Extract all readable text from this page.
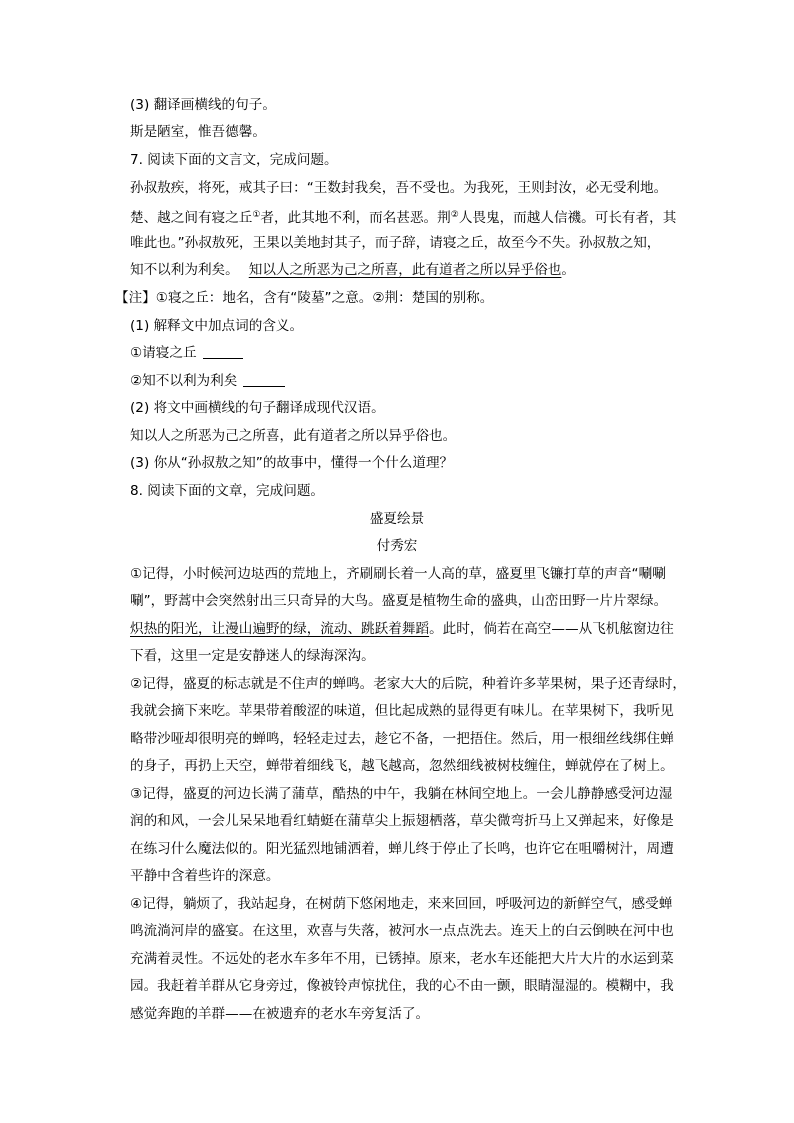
(3) 翻译画横线的句子。
斯是陋室，惟吾德馨。
7. 阅读下面的文言文，完成问题。
孙叔敖疾，将死，戒其子曰：“王数封我矣，吾不受也。为我死，王则封汝，必无受利地。
楚、越之间有寝之丘①者，此其地不利，而名甚恶。荆②人畏鬼，而越人信禨。可长有者，其
唯此也。”孙叔敖死，王果以美地封其子，而子辞，请寝之丘，故至今不失。孙叔敖之知，
知不以利为利矣。 知以人之所恶为己之所喜，此有道者之所以异乎俗也。
【注】①寝之丘：地名，含有“陵墓”之意。②荆：楚国的别称。
(1) 解释文中加点词的含义。
①请寝之丘
②知不以利为利矣
(2) 将文中画横线的句子翻译成现代汉语。
知以人之所恶为己之所喜，此有道者之所以异乎俗也。
(3) 你从“孙叔敖之知”的故事中，懂得一个什么道理？
8. 阅读下面的文章，完成问题。
盛夏绘景
付秀宏
①记得，小时候河边垯西的荒地上，齐刷刷长着一人高的草，盛夏里飞镰打草的声音“唰唰
唰”，野蒿中会突然射出三只奇异的大鸟。盛夏是植物生命的盛典，山峦田野一片片翠绿。
炽热的阳光，让漫山遍野的绿，流动、跳跃着舞蹈。此时，倘若在高空——从飞机舷窗边往
下看，这里一定是安静迷人的绿海深沟。
②记得，盛夏的标志就是不住声的蝉鸣。老家大大的后院，种着许多苹果树，果子还青绿时，
我就会摘下来吃。苹果带着酸涩的味道，但比起成熟的显得更有味儿。在苹果树下，我听见
略带沙哑却很明亮的蝉鸣，轻轻走过去，趁它不备，一把捂住。然后，用一根细丝线绑住蝉
的身子，再扔上天空，蝉带着细线飞，越飞越高，忽然细线被树枝缠住，蝉就停在了树上。
③记得，盛夏的河边长满了蒲草，酷热的中午，我躺在林间空地上。一会儿静静感受河边湿
润的和风，一会儿呆呆地看红蜻蜓在蒲草尖上振翅栖落，草尖微弯折马上又弹起来，好像是
在练习什么魔法似的。阳光猛烈地铺洒着，蝉儿终于停止了长鸣，也许它在咀嚼树汁，周遭
平静中含着些许的深意。
④记得，躺烦了，我站起身，在树荫下悠闲地走，来来回回，呼吸河边的新鲜空气，感受蝉
鸣流淌河岸的盛宴。在这里，欢喜与失落，被河水一点点洗去。连天上的白云倒映在河中也
充满着灵性。不远处的老水车多年不用，已锈掉。原来，老水车还能把大片大片的水运到菜
园。我赶着羊群从它身旁过，像被铃声惊扰住，我的心不由一颤，眼睛湿湿的。模糊中，我
感觉奔跑的羊群——在被遗弃的老水车旁复活了。
